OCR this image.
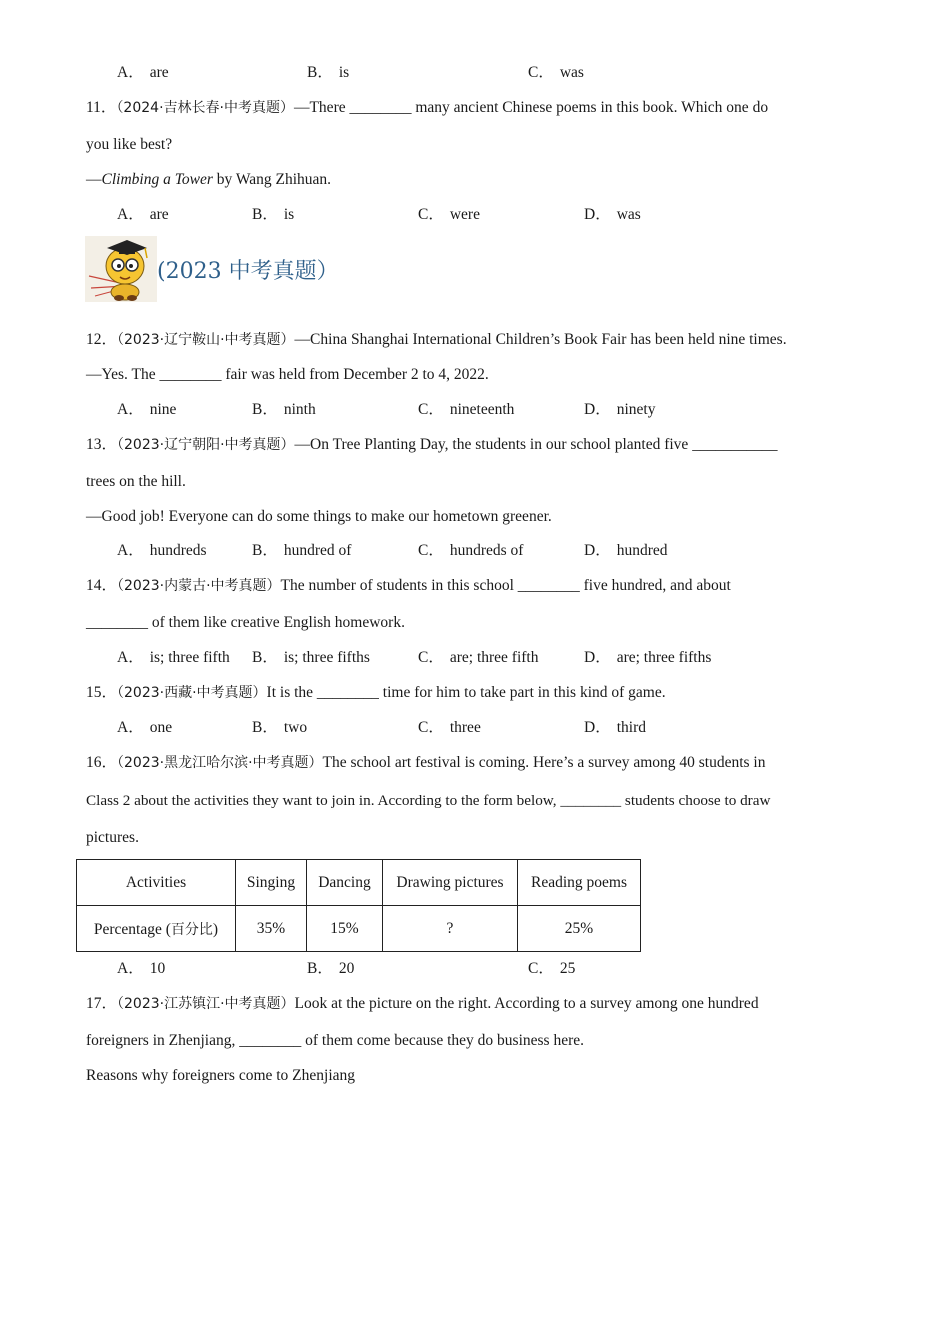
A． are	B． is	C． was
11．（2024·吉林长春·中考真题）—There ________ many ancient Chinese poems in this book. Which one do
you like best?
—Climbing a Tower by Wang Zhihuan.
A． are	B． is	C． were	D． was
(2023 中考真题）
12．（2023·辽宁鞍山·中考真题）—China Shanghai International Children’s Book Fair has been held nine times.
—Yes. The ________ fair was held from December 2 to 4, 2022.
A． nine	B． ninth	C． nineteenth	D． ninety
13．（2023·辽宁朝阳·中考真题）—On Tree Planting Day, the students in our school planted five ___________
trees on the hill.
—Good job! Everyone can do some things to make our hometown greener.
A． hundreds	B． hundred of	C． hundreds of	D． hundred
14．（2023·内蒙古·中考真题）The number of students in this school ________ five hundred, and about
________ of them like creative English homework.
A． is; three fifth B． is; three fifths	C． are; three fifth	D． are; three fifths
15．（2023·西藏·中考真题）It is the ________ time for him to take part in this kind of game.
A． one	B． two	C． three	D． third
16．（2023·黑龙江哈尔滨·中考真题）The school art festival is coming. Here’s a survey among 40 students in
Class 2 about the activities they want to join in. According to the form below, ________ students choose to draw
pictures.
Activities	Singing	Dancing	Drawing pictures	Reading poems
Percentage (百分比)	35%	15%	?	25%
A． 10	B． 20	C． 25
17．（2023·江苏镇江·中考真题）Look at the picture on the right. According to a survey among one hundred
foreigners in Zhenjiang, ________ of them come because they do business here.
Reasons why foreigners come to Zhenjiang
